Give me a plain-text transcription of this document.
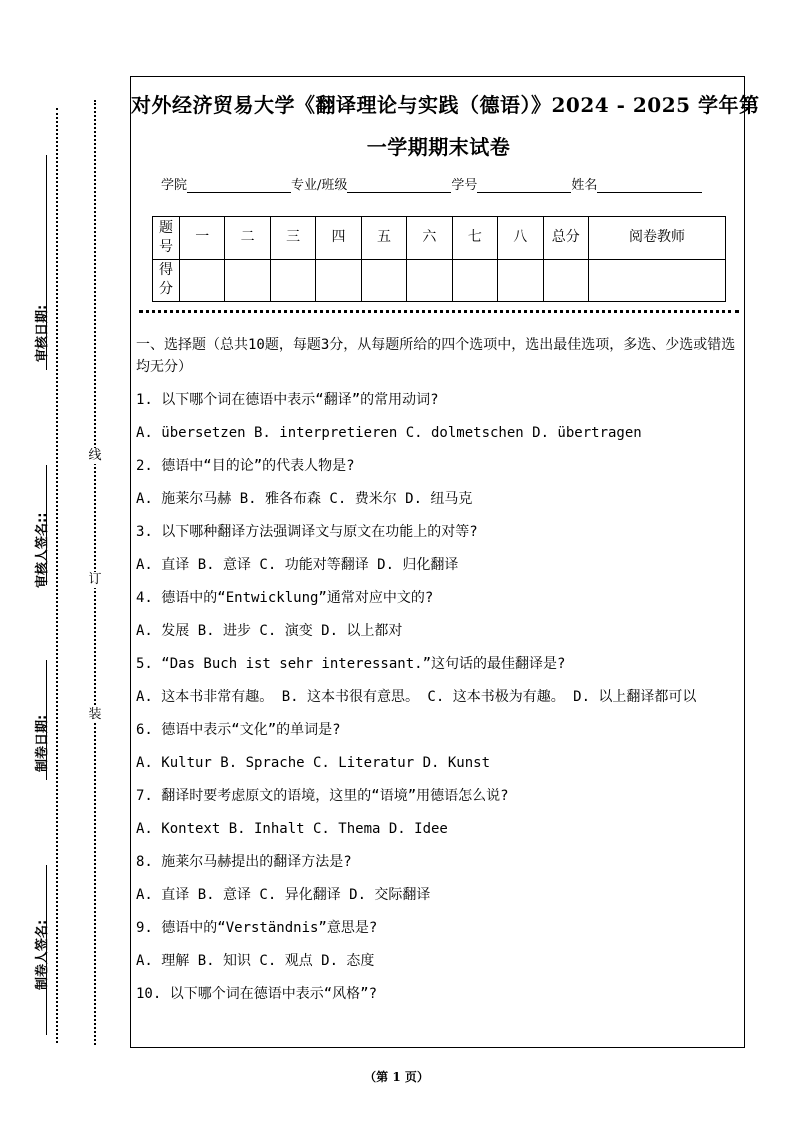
审核日期:
审核人签名::
制卷日期:
制卷人签名:
线
订
装
对外经济贸易大学《翻译理论与实践（德语）》2024 - 2025 学年第
一学期期末试卷
学院	专业/班级	学号	姓名
题号	一	二	三	四	五	六	七	八	总分	阅卷教师
得分										

一、选择题（总共10题，每题3分，从每题所给的四个选项中，选出最佳选项，多选、少选或错选均无分）

1. 以下哪个词在德语中表示“翻译”的常用动词?

A. übersetzen B. interpretieren C. dolmetschen D. übertragen

2. 德语中“目的论”的代表人物是?

A. 施莱尔马赫 B. 雅各布森 C. 费米尔 D. 纽马克

3. 以下哪种翻译方法强调译文与原文在功能上的对等?

A. 直译 B. 意译 C. 功能对等翻译 D. 归化翻译

4. 德语中的“Entwicklung”通常对应中文的?

A. 发展 B. 进步 C. 演变 D. 以上都对

5. “Das Buch ist sehr interessant.”这句话的最佳翻译是?

A. 这本书非常有趣。 B. 这本书很有意思。 C. 这本书极为有趣。 D. 以上翻译都可以

6. 德语中表示“文化”的单词是?

A. Kultur B. Sprache C. Literatur D. Kunst

7. 翻译时要考虑原文的语境，这里的“语境”用德语怎么说?

A. Kontext B. Inhalt C. Thema D. Idee

8. 施莱尔马赫提出的翻译方法是?

A. 直译 B. 意译 C. 异化翻译 D. 交际翻译

9. 德语中的“Verständnis”意思是?

A. 理解 B. 知识 C. 观点 D. 态度

10. 以下哪个词在德语中表示“风格”?

（第 1 页）
